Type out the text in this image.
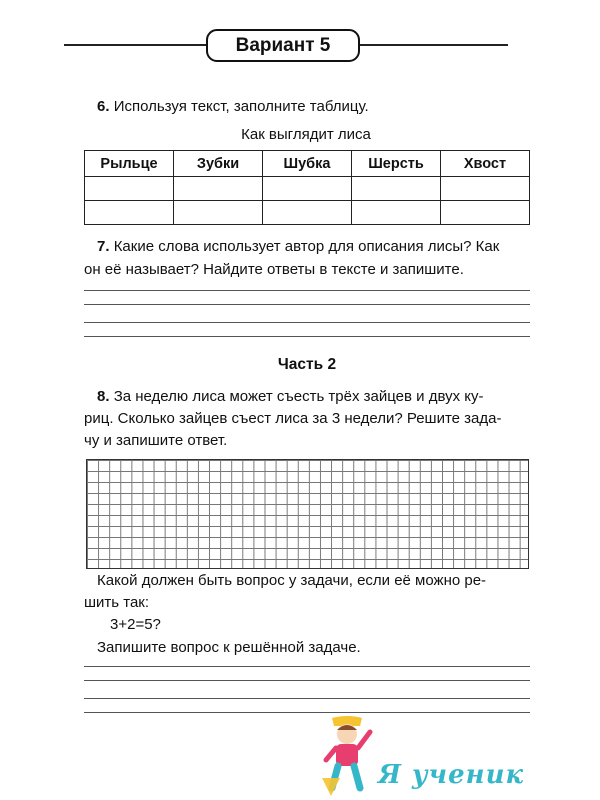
Вариант 5
6. Используя текст, заполните таблицу.
Как выглядит лиса
Рыльце	Зубки	Шубка	Шерсть	Хвост

7. Какие слова использует автор для описания лисы? Как
он её называет? Найдите ответы в тексте и запишите.
Часть 2
8. За неделю лиса может съесть трёх зайцев и двух ку-
риц. Сколько зайцев съест лиса за 3 недели? Решите зада-
чу и запишите ответ.
Какой должен быть вопрос у задачи, если её можно ре-
шить так:
3+2=5?
Запишите вопрос к решённой задаче.
Я ученик
